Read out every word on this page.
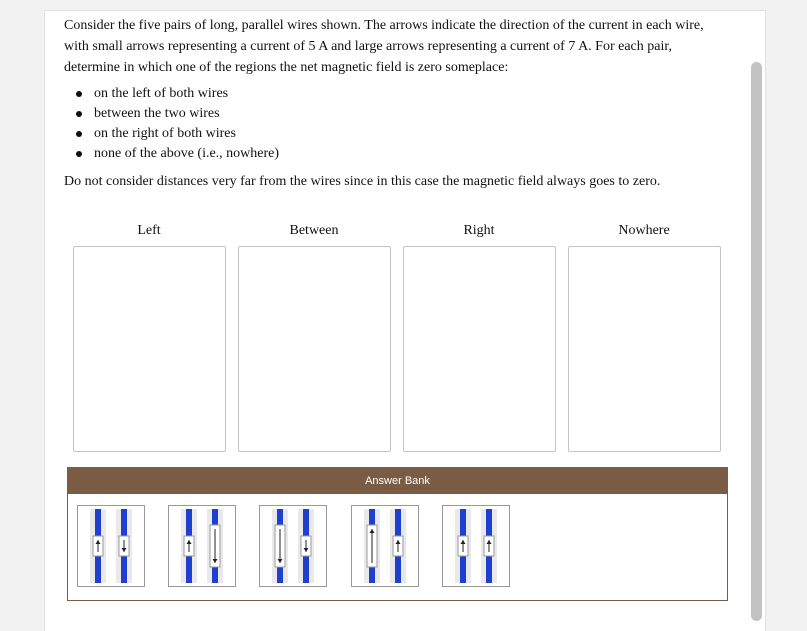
Consider the five pairs of long, parallel wires shown. The arrows indicate the direction of the current in each wire, with small arrows representing a current of 5 A and large arrows representing a current of 7 A. For each pair, determine in which one of the regions the net magnetic field is zero someplace:
on the left of both wires
between the two wires
on the right of both wires
none of the above (i.e., nowhere)
Do not consider distances very far from the wires since in this case the magnetic field always goes to zero.
Left	Between	Right	Nowhere
Answer Bank
